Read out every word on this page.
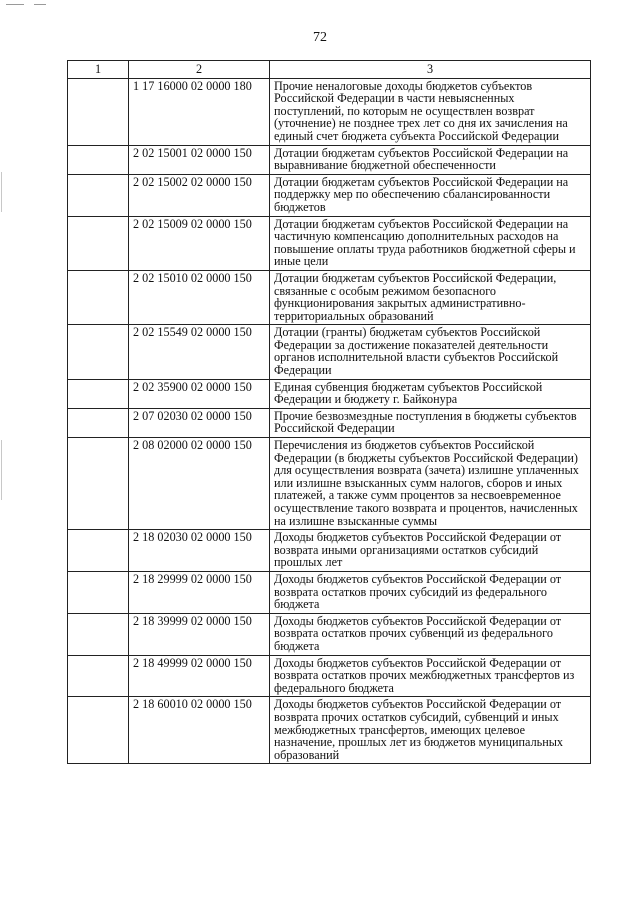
72
1	2	3
	1 17 16000 02 0000 180	Прочие неналоговые доходы бюджетов субъектов Российской Федерации в части невыясненных поступлений, по которым не осуществлен возврат (уточнение) не позднее трех лет со дня их зачисления на единый счет бюджета субъекта Российской Федерации
	2 02 15001 02 0000 150	Дотации бюджетам субъектов Российской Федерации на выравнивание бюджетной обеспеченности
	2 02 15002 02 0000 150	Дотации бюджетам субъектов Российской Федерации на поддержку мер по обеспечению сбалансированности бюджетов
	2 02 15009 02 0000 150	Дотации бюджетам субъектов Российской Федерации на частичную компенсацию дополнительных расходов на повышение оплаты труда работников бюджетной сферы и иные цели
	2 02 15010 02 0000 150	Дотации бюджетам субъектов Российской Федерации, связанные с особым режимом безопасного функционирования закрытых административно-территориальных образований
	2 02 15549 02 0000 150	Дотации (гранты) бюджетам субъектов Российской Федерации за достижение показателей деятельности органов исполнительной власти субъектов Российской Федерации
	2 02 35900 02 0000 150	Единая субвенция бюджетам субъектов Российской Федерации и бюджету г. Байконура
	2 07 02030 02 0000 150	Прочие безвозмездные поступления в бюджеты субъектов Российской Федерации
	2 08 02000 02 0000 150	Перечисления из бюджетов субъектов Российской Федерации (в бюджеты субъектов Российской Федерации) для осуществления возврата (зачета) излишне уплаченных или излишне взысканных сумм налогов, сборов и иных платежей, а также сумм процентов за несвоевременное осуществление такого возврата и процентов, начисленных на излишне взысканные суммы
	2 18 02030 02 0000 150	Доходы бюджетов субъектов Российской Федерации от возврата иными организациями остатков субсидий прошлых лет
	2 18 29999 02 0000 150	Доходы бюджетов субъектов Российской Федерации от возврата остатков прочих субсидий из федерального бюджета
	2 18 39999 02 0000 150	Доходы бюджетов субъектов Российской Федерации от возврата остатков прочих субвенций из федерального бюджета
	2 18 49999 02 0000 150	Доходы бюджетов субъектов Российской Федерации от возврата остатков прочих межбюджетных трансфертов из федерального бюджета
	2 18 60010 02 0000 150	Доходы бюджетов субъектов Российской Федерации от возврата прочих остатков субсидий, субвенций и иных межбюджетных трансфертов, имеющих целевое назначение, прошлых лет из бюджетов муниципальных образований
